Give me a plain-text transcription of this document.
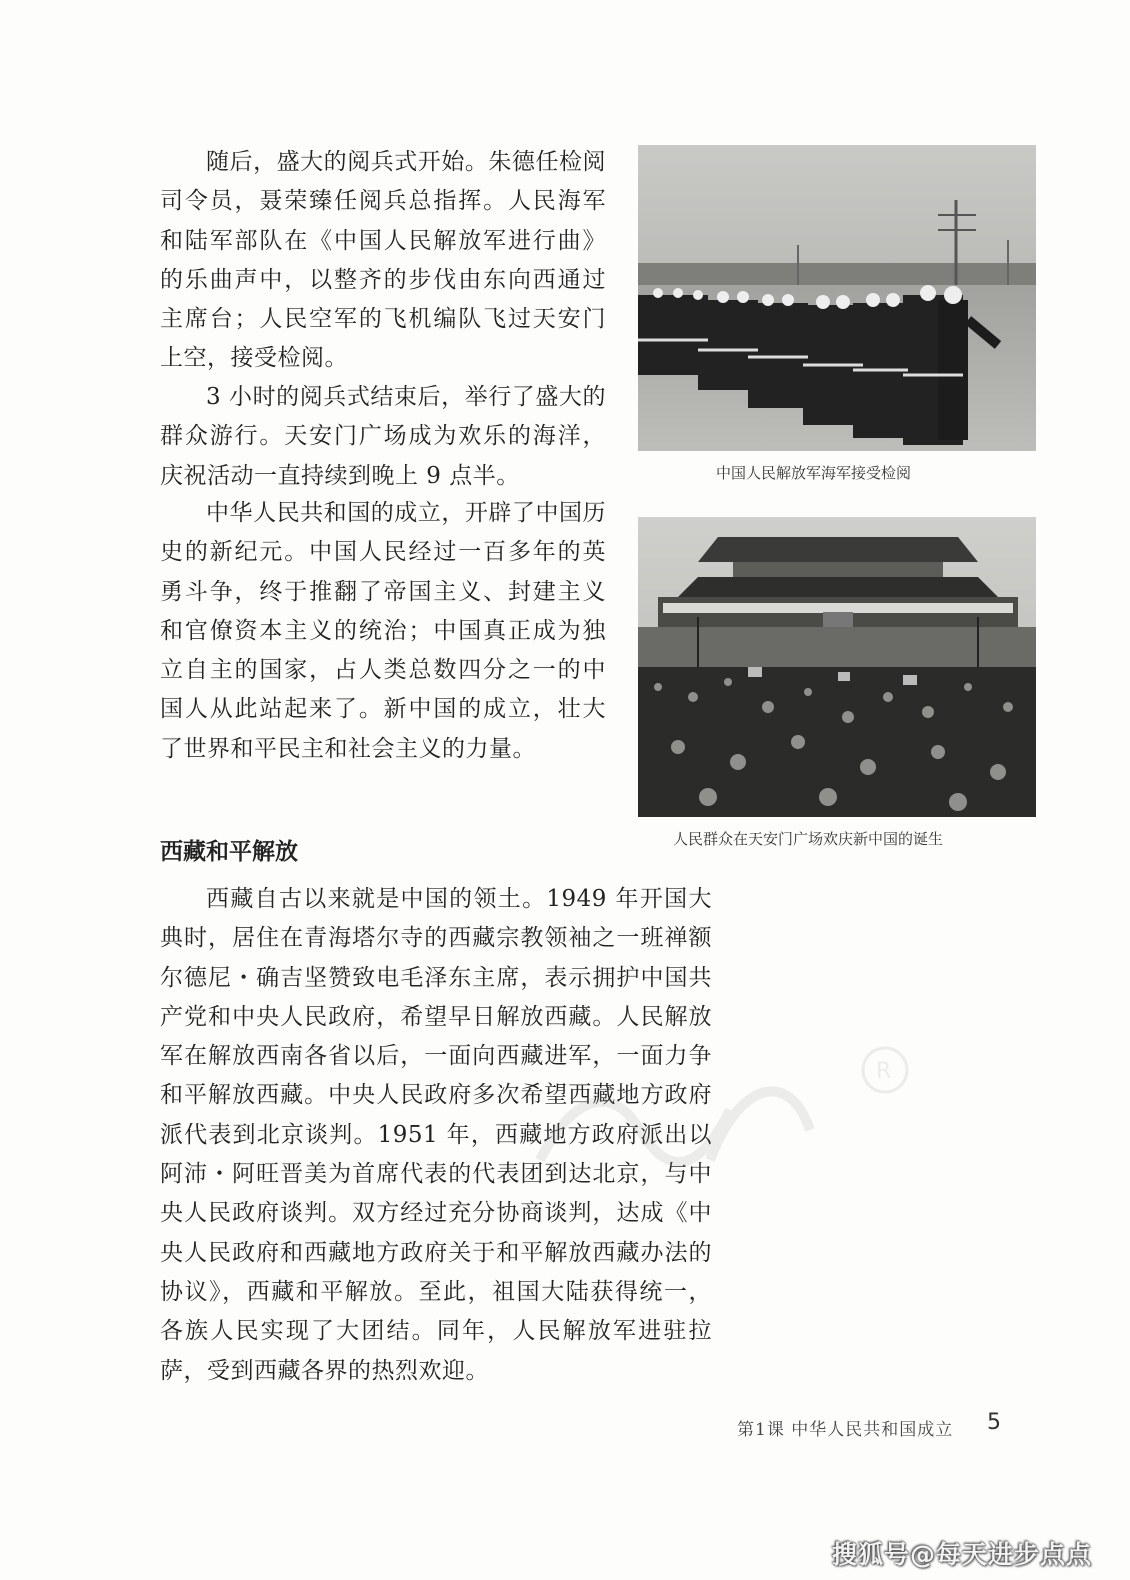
随后，盛大的阅兵式开始。朱德任检阅司令员，聂荣臻任阅兵总指挥。人民海军和陆军部队在《中国人民解放军进行曲》的乐曲声中，以整齐的步伐由东向西通过主席台；人民空军的飞机编队飞过天安门上空，接受检阅。

3 小时的阅兵式结束后，举行了盛大的群众游行。天安门广场成为欢乐的海洋，庆祝活动一直持续到晚上 9 点半。

中华人民共和国的成立，开辟了中国历史的新纪元。中国人民经过一百多年的英勇斗争，终于推翻了帝国主义、封建主义和官僚资本主义的统治；中国真正成为独立自主的国家，占人类总数四分之一的中国人从此站起来了。新中国的成立，壮大了世界和平民主和社会主义的力量。

西藏和平解放

西藏自古以来就是中国的领土。1949 年开国大典时，居住在青海塔尔寺的西藏宗教领袖之一班禅额尔德尼・确吉坚赞致电毛泽东主席，表示拥护中国共产党和中央人民政府，希望早日解放西藏。人民解放军在解放西南各省以后，一面向西藏进军，一面力争和平解放西藏。中央人民政府多次希望西藏地方政府派代表到北京谈判。1951 年，西藏地方政府派出以阿沛・阿旺晋美为首席代表的代表团到达北京，与中央人民政府谈判。双方经过充分协商谈判，达成《中央人民政府和西藏地方政府关于和平解放西藏办法的协议》，西藏和平解放。至此，祖国大陆获得统一，各族人民实现了大团结。同年，人民解放军进驻拉萨，受到西藏各界的热烈欢迎。

中国人民解放军海军接受检阅

人民群众在天安门广场欢庆新中国的诞生

R
第1课 中华人民共和国成立 5
搜狐号@每天进步点点
